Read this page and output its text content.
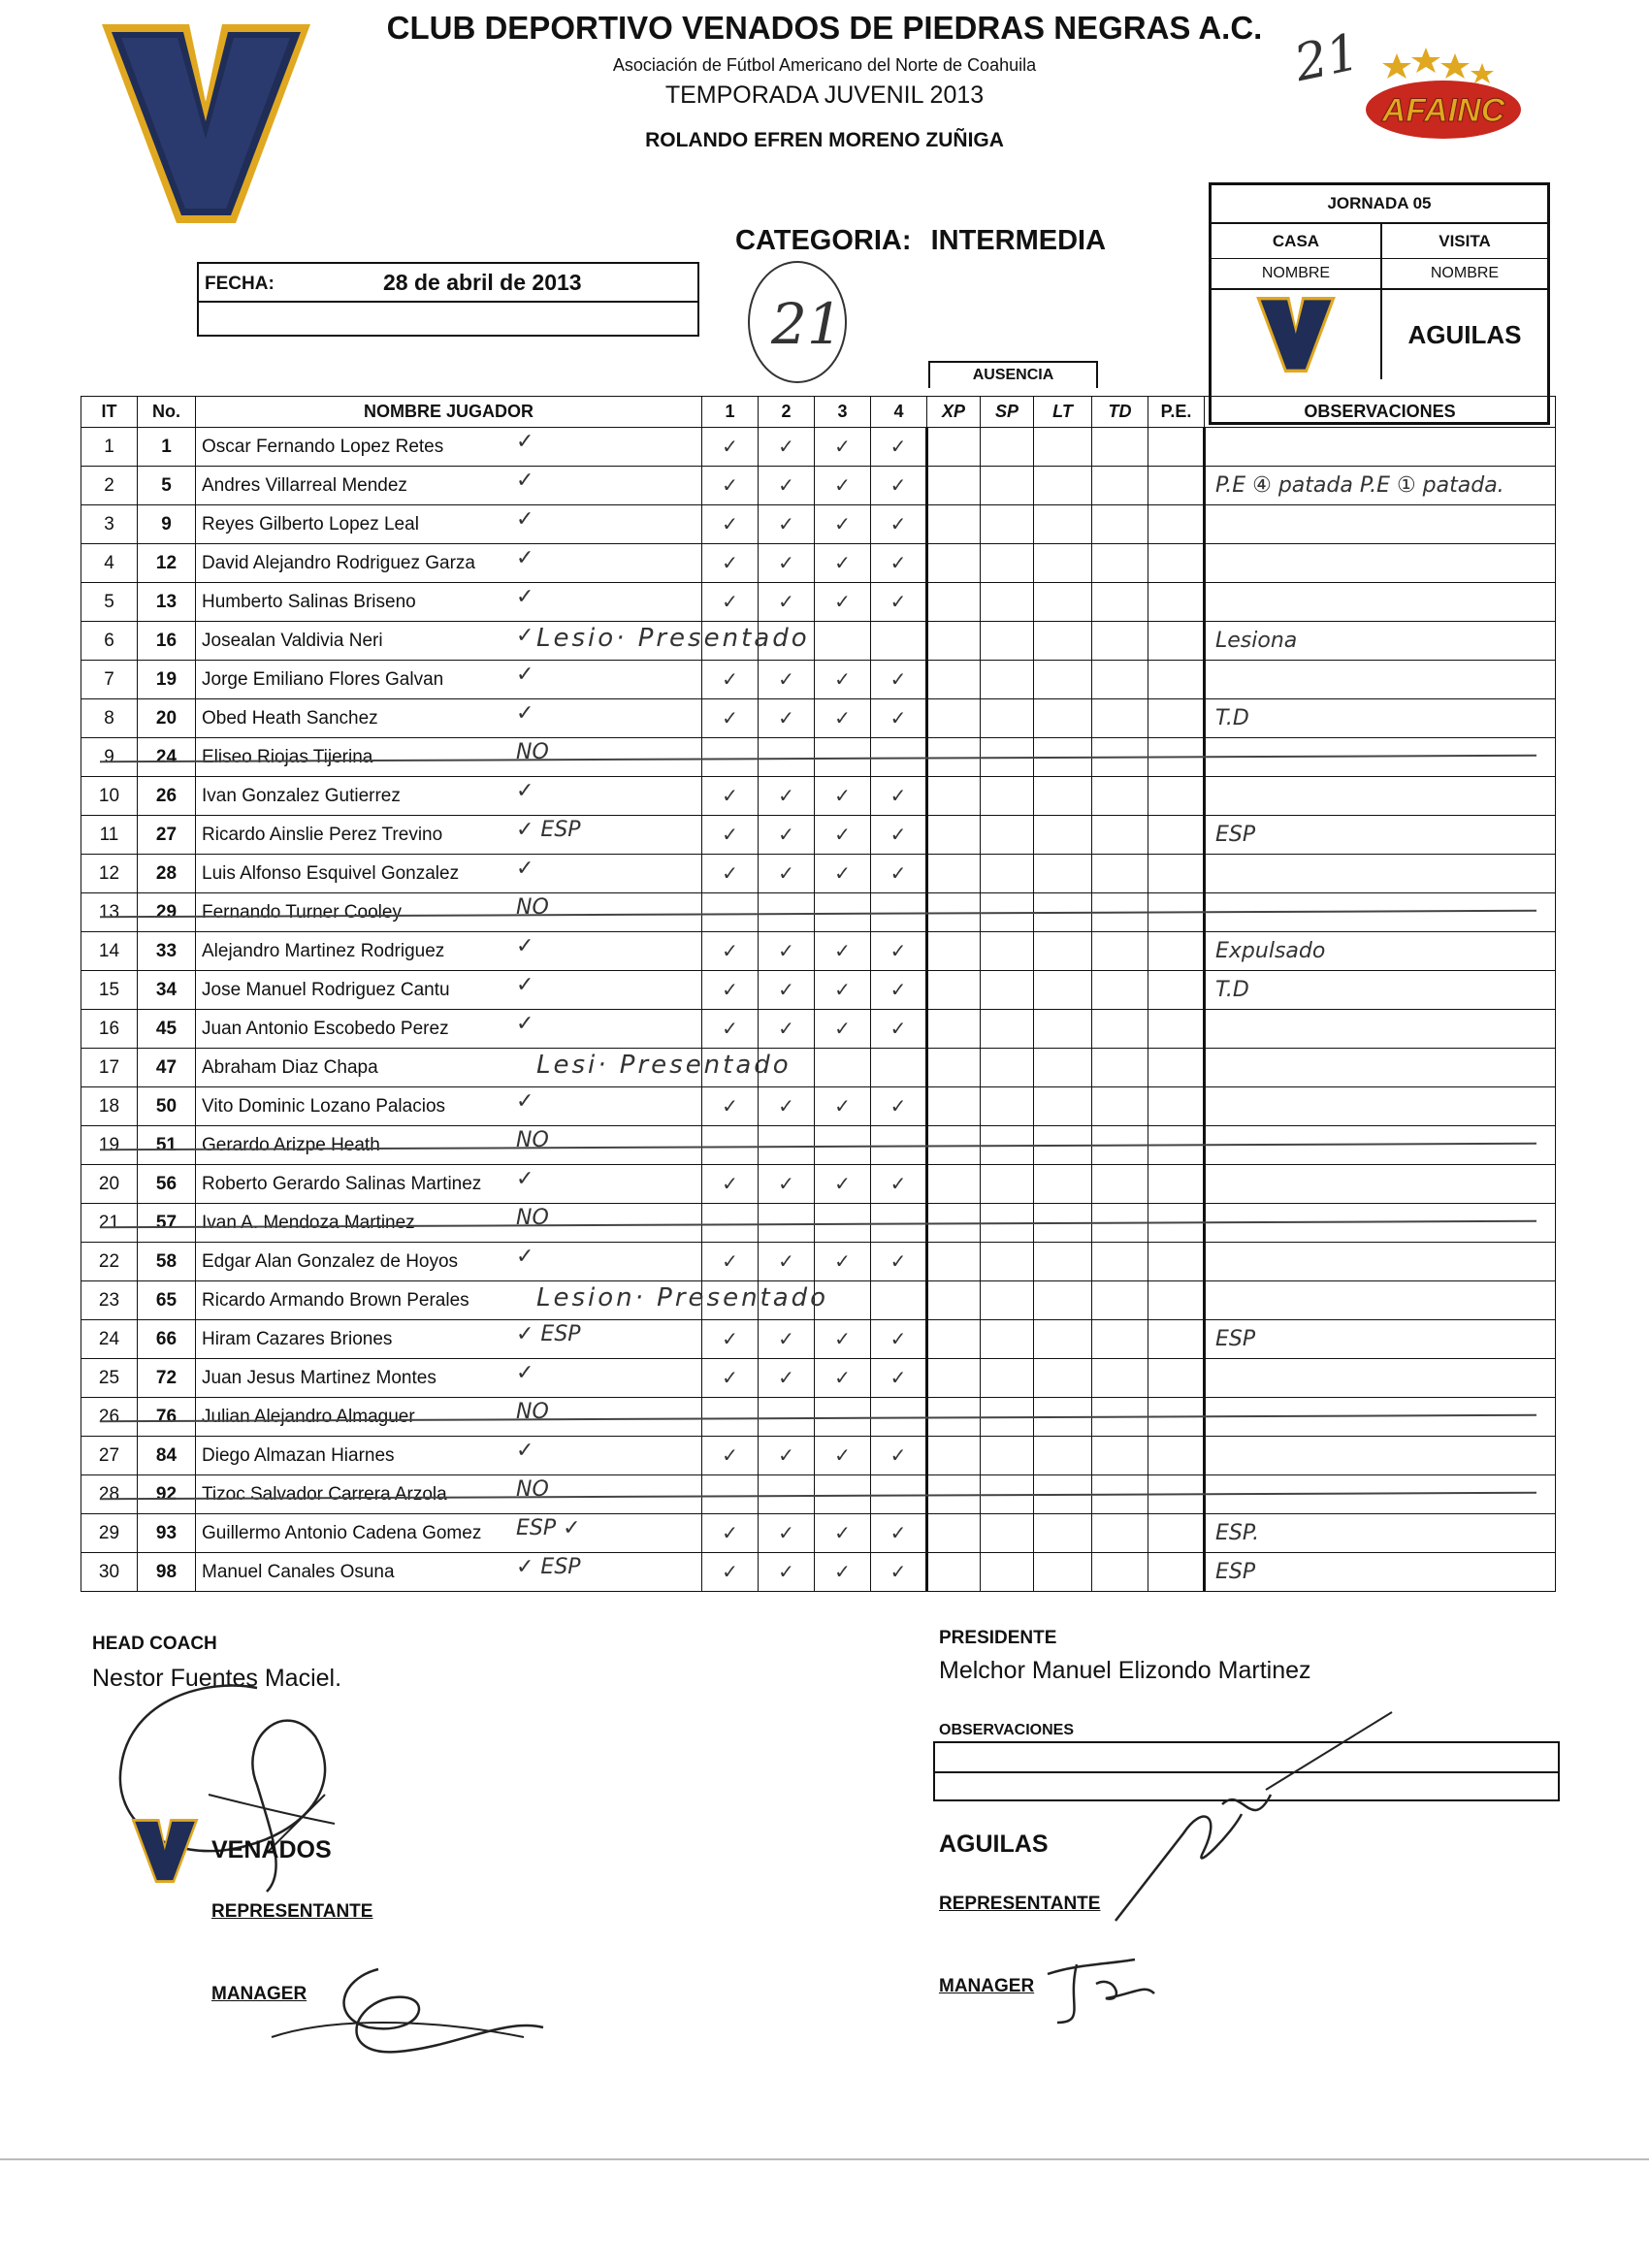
CLUB DEPORTIVO VENADOS DE PIEDRAS NEGRAS A.C.
Asociación de Fútbol Americano del Norte de Coahuila
TEMPORADA JUVENIL 2013
ROLANDO EFREN MORENO ZUÑIGA
21
AFAINC
CATEGORIA: INTERMEDIA
21
FECHA:	28 de abril de 2013
JORNADA 05
CASA	VISITA
NOMBRE	NOMBRE
AGUILAS
AUSENCIA
IT	No.	NOMBRE JUGADOR	1	2	3	4	XP	SP	LT	TD	P.E.	OBSERVACIONES
1	1	Oscar Fernando Lopez Retes ✓	✓	✓	✓	✓						
2	5	Andres Villarreal Mendez ✓	✓	✓	✓	✓						P.E ④ patada P.E ① patada.
3	9	Reyes Gilberto Lopez Leal ✓	✓	✓	✓	✓						
4	12	David Alejandro Rodriguez Garza ✓	✓	✓	✓	✓						
5	13	Humberto Salinas Briseno ✓	✓	✓	✓	✓						
6	16	Josealan Valdivia Neri ✓										Lesiona
7	19	Jorge Emiliano Flores Galvan ✓	✓	✓	✓	✓						
8	20	Obed Heath Sanchez ✓	✓	✓	✓	✓						T.D
9	24	Eliseo Riojas Tijerina NO										

10	26	Ivan Gonzalez Gutierrez ✓	✓	✓	✓	✓						
11	27	Ricardo Ainslie Perez Trevino ✓ ESP	✓	✓	✓	✓						ESP
12	28	Luis Alfonso Esquivel Gonzalez ✓	✓	✓	✓	✓						
13	29	Fernando Turner Cooley NO										

14	33	Alejandro Martinez Rodriguez ✓	✓	✓	✓	✓						Expulsado
15	34	Jose Manuel Rodriguez Cantu ✓	✓	✓	✓	✓						T.D
16	45	Juan Antonio Escobedo Perez ✓	✓	✓	✓	✓						
17	47	Abraham Diaz Chapa

18	50	Vito Dominic Lozano Palacios ✓	✓	✓	✓	✓						
19	51	Gerardo Arizpe Heath NO										

20	56	Roberto Gerardo Salinas Martinez ✓	✓	✓	✓	✓						
21	57	Ivan A. Mendoza Martinez NO										

22	58	Edgar Alan Gonzalez de Hoyos ✓	✓	✓	✓	✓						
23	65	Ricardo Armando Brown Perales

24	66	Hiram Cazares Briones ✓ ESP	✓	✓	✓	✓						ESP
25	72	Juan Jesus Martinez Montes ✓	✓	✓	✓	✓						
26	76	Julian Alejandro Almaguer NO										

27	84	Diego Almazan Hiarnes ✓	✓	✓	✓	✓						
28	92	Tizoc Salvador Carrera Arzola NO										

29	93	Guillermo Antonio Cadena Gomez ESP ✓	✓	✓	✓	✓						ESP.
30	98	Manuel Canales Osuna ✓ ESP	✓	✓	✓	✓						ESP
HEAD COACH
Nestor Fuentes Maciel.
VENADOS
REPRESENTANTE
MANAGER
PRESIDENTE
Melchor Manuel Elizondo Martinez
OBSERVACIONES
AGUILAS
REPRESENTANTE
MANAGER
Lesio· Presentado
Lesi· Presentado
Lesion· Presentado
